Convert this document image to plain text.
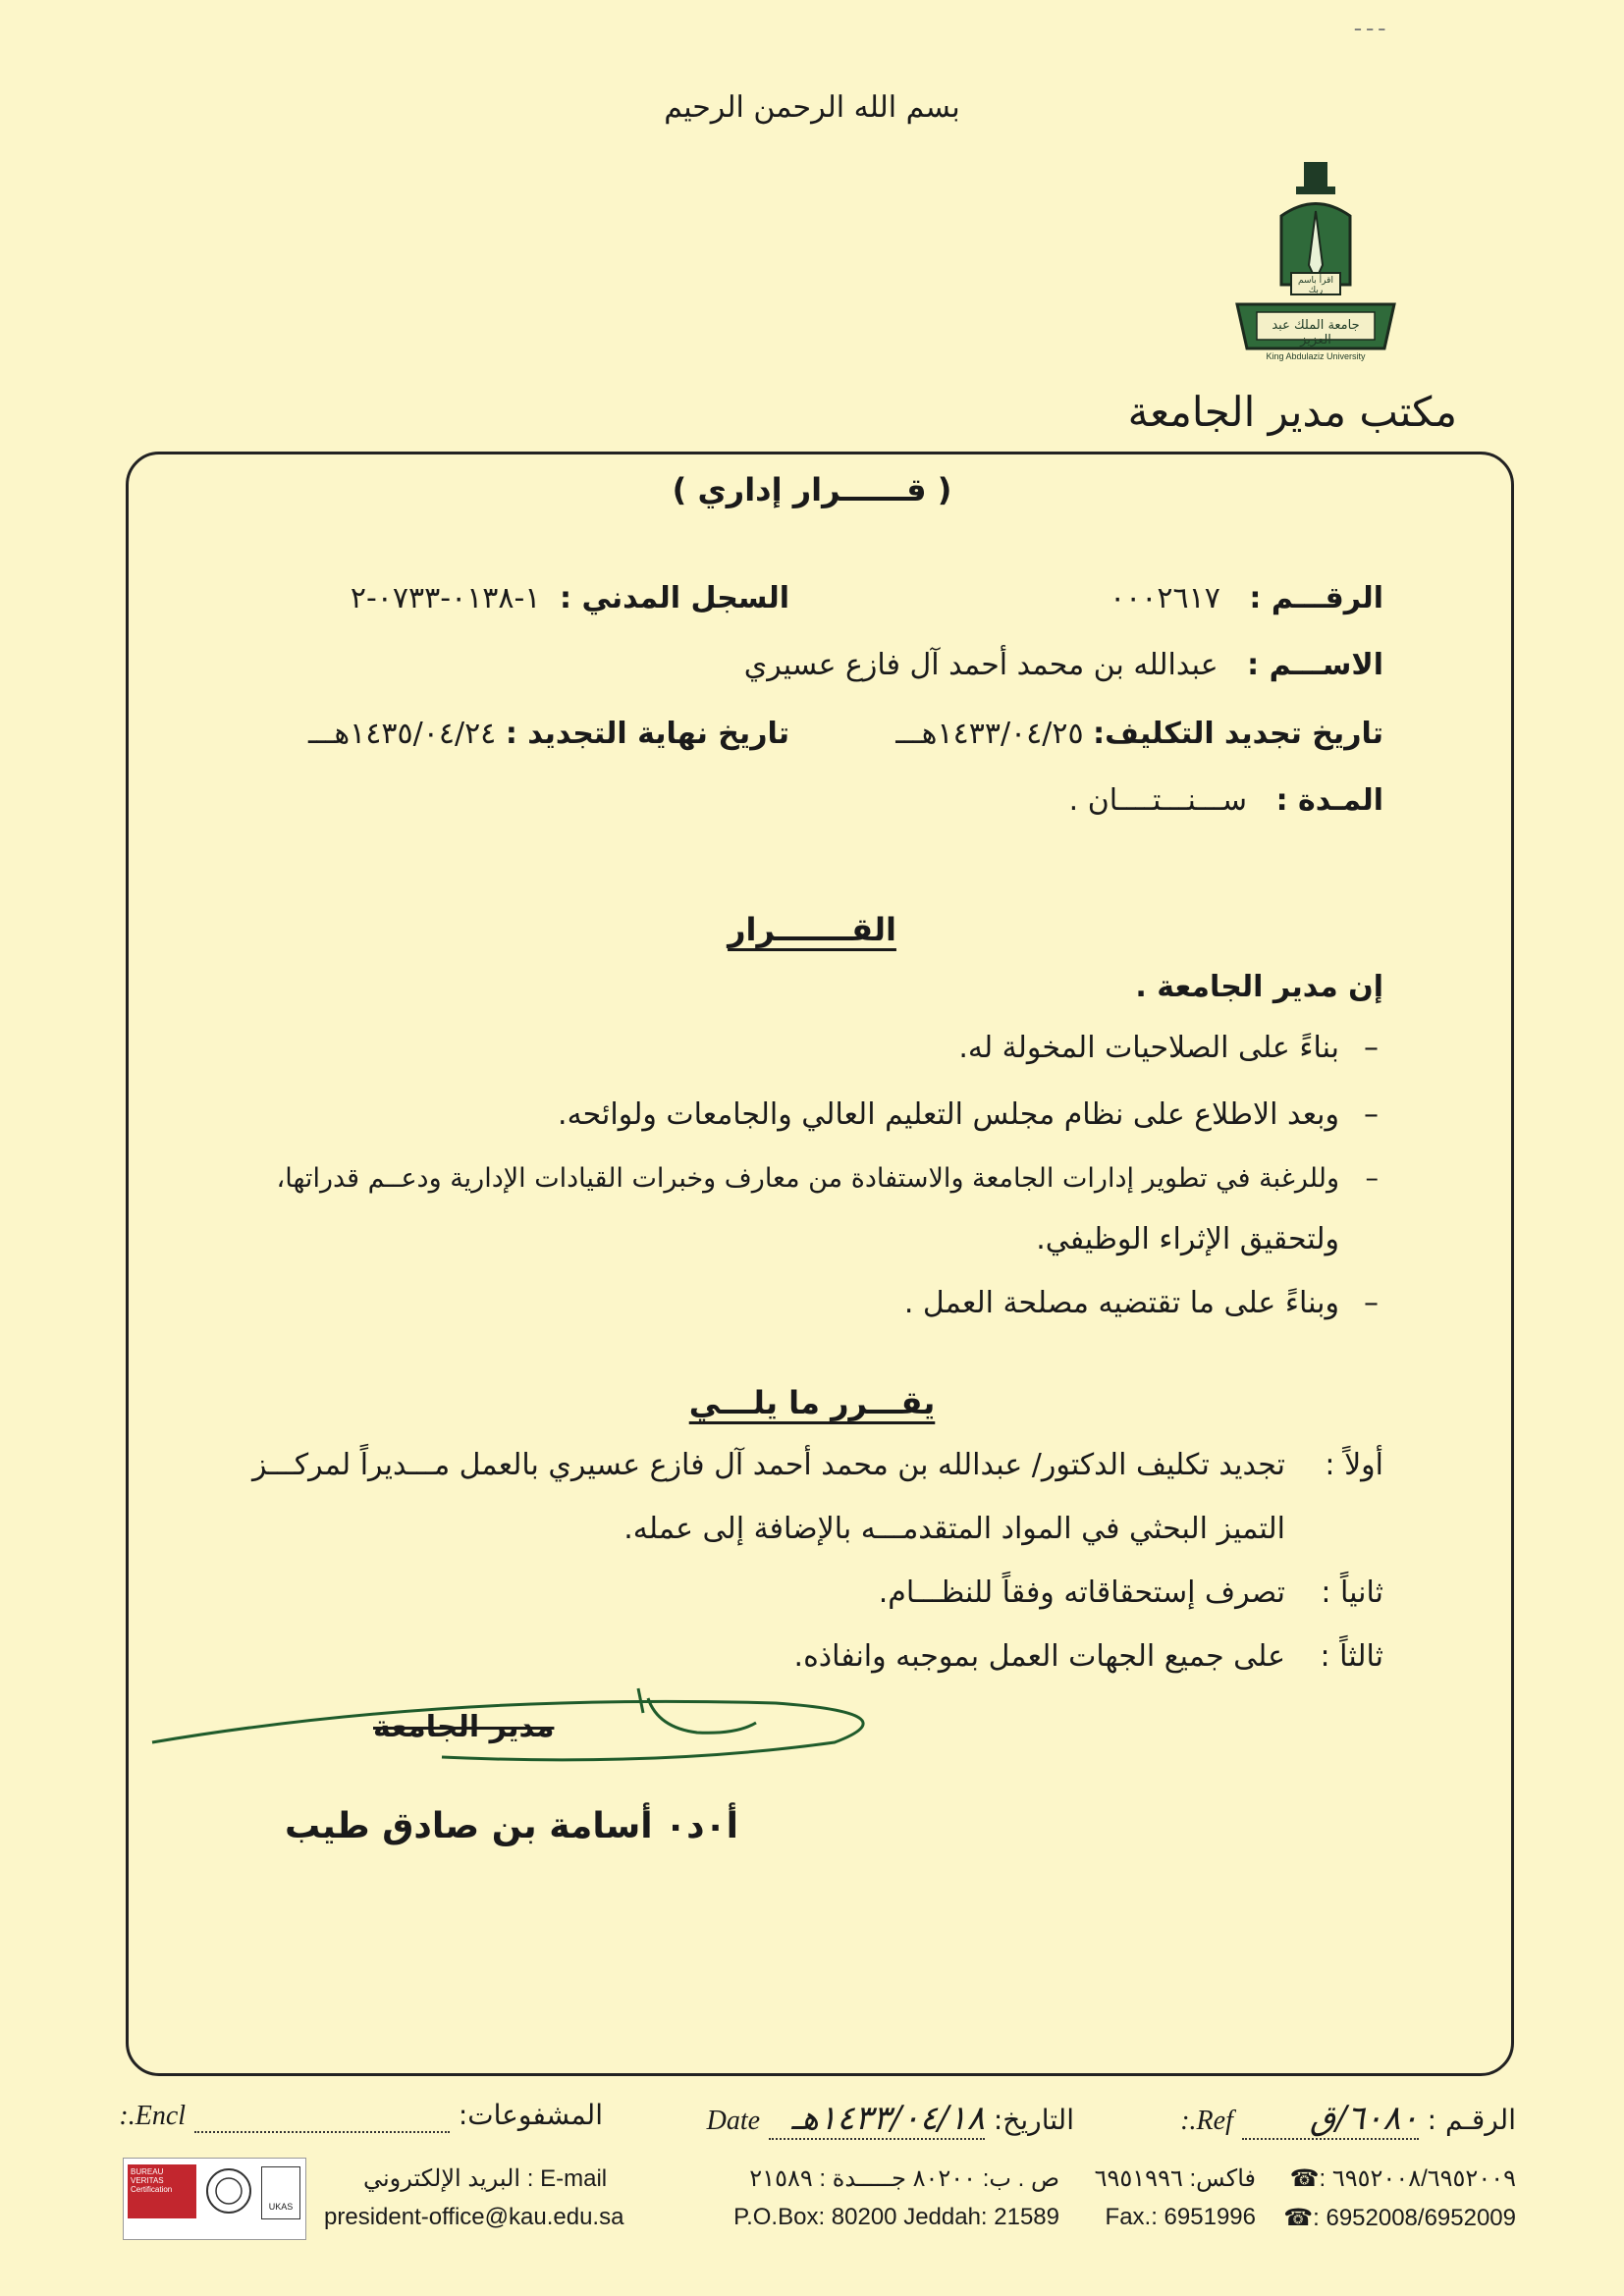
بسم الله الرحمن الرحيم
ـ ـ ـ
جامعة الملك عبد العزيز
اقرأ باسم ربك
King Abdulaziz University
مكتب مدير الجامعة
( قــــــرار إداري )
الرقـــم : ٠٠٠٢٦١٧
السجل المدني : ١-٠١٣٨-٠٧٣٣-٢
الاســـم : عبدالله بن محمد أحمد آل فازع عسيري
تاريخ تجديد التكليف: ١٤٣٣/٠٤/٢٥هـــ
تاريخ نهاية التجديد : ١٤٣٥/٠٤/٢٤هـــ
المـدة : ســـنـــتــــان .
القـــــــرار
إن مدير الجامعة .
–بناءً على الصلاحيات المخولة له.
–وبعد الاطلاع على نظام مجلس التعليم العالي والجامعات ولوائحه.
–وللرغبة في تطوير إدارات الجامعة والاستفادة من معارف وخبرات القيادات الإدارية ودعــم قدراتها،
ولتحقيق الإثراء الوظيفي.
–وبناءً على ما تقتضيه مصلحة العمل .
يقـــرر ما يلـــي
أولاً :
تجديد تكليف الدكتور/ عبدالله بن محمد أحمد آل فازع عسيري بالعمل مـــديراً لمركـــز
التميز البحثي في المواد المتقدمـــه بالإضافة إلى عمله.
ثانياً :
تصرف إستحقاقاته وفقاً للنظـــام.
ثالثاً :
على جميع الجهات العمل بموجبه وانفاذه.
مدير الجامعة
أ٠د٠ أسامة بن صادق طيب
الرقـم : ٦٠٨٠/ق Ref.:
التاريخ: ١٤٣٣/٠٤/١٨هـ Date
المشفوعات:   Encl.:
☎: ٦٩٥٢٠٠٨/٦٩٥٢٠٠٩
☎: 6952008/6952009
فاكس: ٦٩٥١٩٩٦
Fax.: 6951996
ص . ب: ٨٠٢٠٠ جـــــدة : ٢١٥٨٩
P.O.Box: 80200 Jeddah: 21589
البريد الإلكتروني : E-mail
president-office@kau.edu.sa
BUREAU VERITAS Certification
UKAS
